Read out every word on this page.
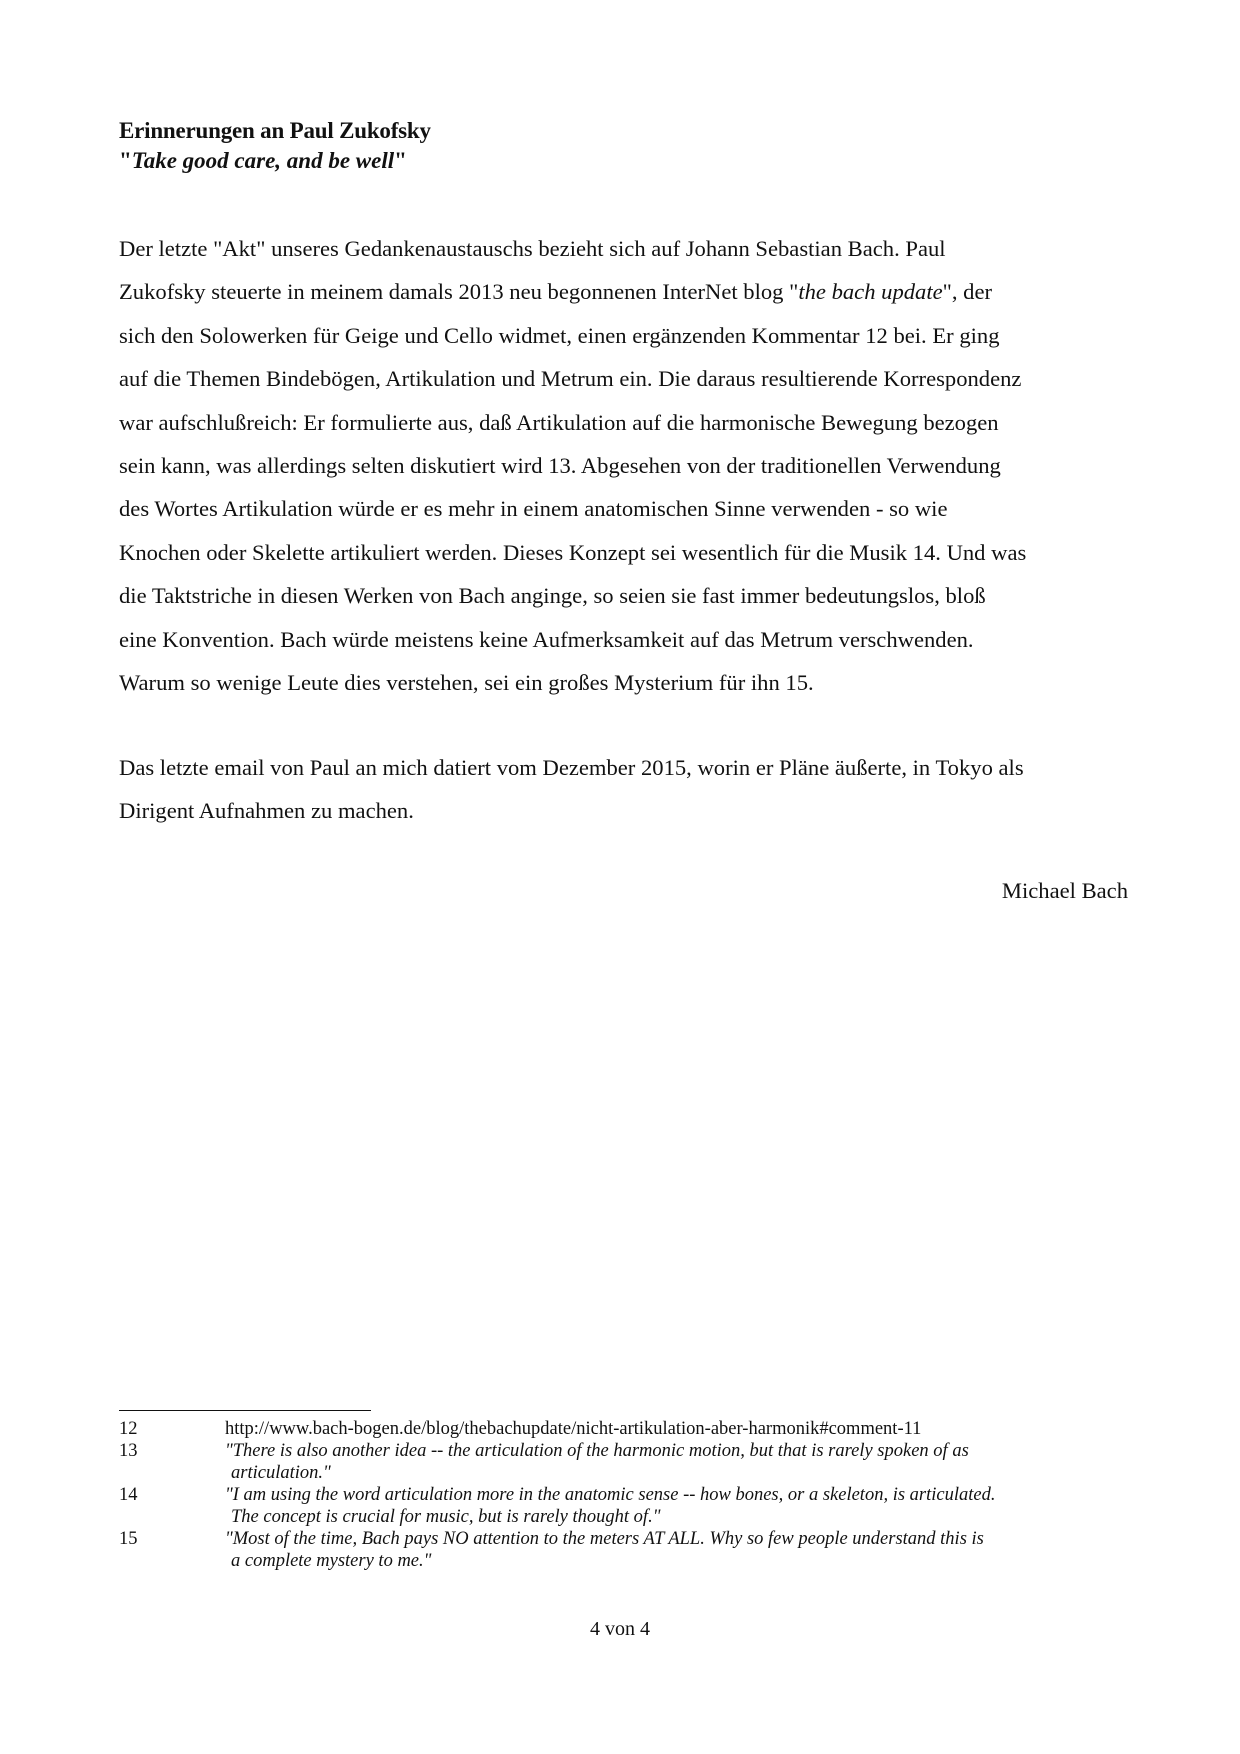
Erinnerungen an Paul Zukofsky
"Take good care, and be well"
Der letzte "Akt" unseres Gedankenaustauschs bezieht sich auf Johann Sebastian Bach. Paul
Zukofsky steuerte in meinem damals 2013 neu begonnenen InterNet blog "the bach update", der
sich den Solowerken für Geige und Cello widmet, einen ergänzenden Kommentar 12 bei. Er ging
auf die Themen Bindebögen, Artikulation und Metrum ein. Die daraus resultierende Korrespondenz
war aufschlußreich: Er formulierte aus, daß Artikulation auf die harmonische Bewegung bezogen
sein kann, was allerdings selten diskutiert wird 13. Abgesehen von der traditionellen Verwendung
des Wortes Artikulation würde er es mehr in einem anatomischen Sinne verwenden - so wie
Knochen oder Skelette artikuliert werden. Dieses Konzept sei wesentlich für die Musik 14. Und was
die Taktstriche in diesen Werken von Bach anginge, so seien sie fast immer bedeutungslos, bloß
eine Konvention. Bach würde meistens keine Aufmerksamkeit auf das Metrum verschwenden.
Warum so wenige Leute dies verstehen, sei ein großes Mysterium für ihn 15.
Das letzte email von Paul an mich datiert vom Dezember 2015, worin er Pläne äußerte, in Tokyo als
Dirigent Aufnahmen zu machen.
Michael Bach
12	http://www.bach-bogen.de/blog/thebachupdate/nicht-artikulation-aber-harmonik#comment-11
13	"There is also another idea -- the articulation of the harmonic motion, but that is rarely spoken of as
articulation."
14	"I am using the word articulation more in the anatomic sense -- how bones, or a skeleton, is articulated.
The concept is crucial for music, but is rarely thought of."
15	"Most of the time, Bach pays NO attention to the meters AT ALL. Why so few people understand this is
a complete mystery to me."
4 von 4
